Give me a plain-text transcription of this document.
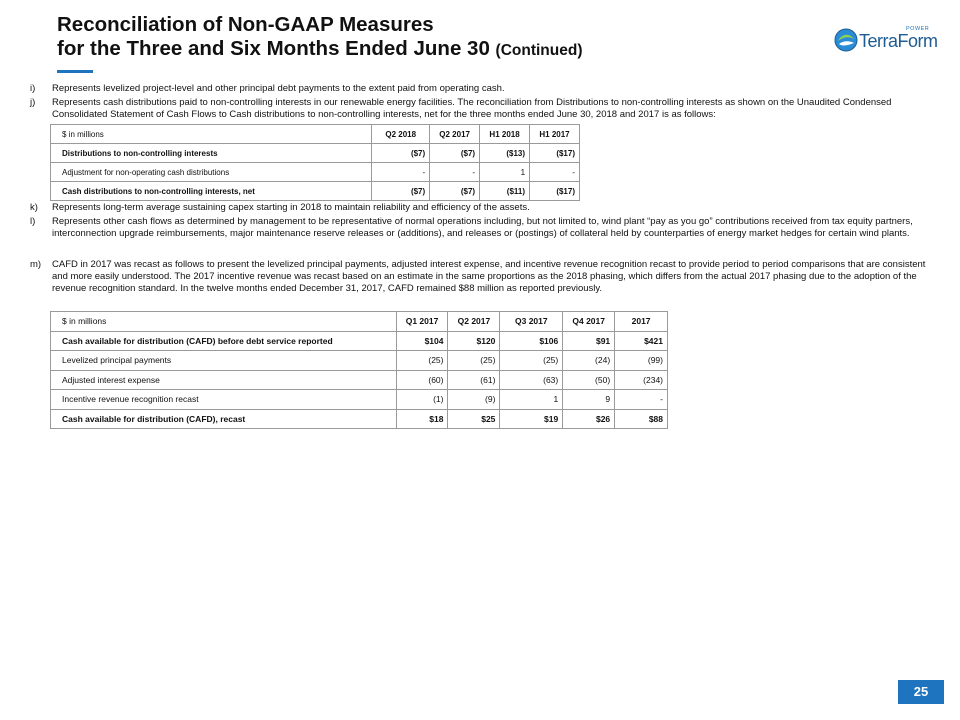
Reconciliation of Non-GAAP Measures
for the Three and Six Months Ended June 30 (Continued)
POWER
TerraForm
i) Represents levelized project-level and other principal debt payments to the extent paid from operating cash.
j) Represents cash distributions paid to non-controlling interests in our renewable energy facilities. The reconciliation from Distributions to non-controlling interests as shown on the Unaudited Condensed Consolidated Statement of Cash Flows to Cash distributions to non-controlling interests, net for the three months ended June 30, 2018 and 2017 is as follows:
$ in millions	Q2 2018	Q2 2017	H1 2018	H1 2017
Distributions to non-controlling interests	($7)	($7)	($13)	($17)
Adjustment for non-operating cash distributions	-	-	1	-
Cash distributions to non-controlling interests, net	($7)	($7)	($11)	($17)
k) Represents long-term average sustaining capex starting in 2018 to maintain reliability and efficiency of the assets.
l) Represents other cash flows as determined by management to be representative of normal operations including, but not limited to, wind plant “pay as you go” contributions received from tax equity partners, interconnection upgrade reimbursements, major maintenance reserve releases or (additions), and releases or (postings) of collateral held by counterparties of energy market hedges for certain wind plants.
m) CAFD in 2017 was recast as follows to present the levelized principal payments, adjusted interest expense, and incentive revenue recognition recast to provide period to period comparisons that are consistent and more easily understood. The 2017 incentive revenue was recast based on an estimate in the same proportions as the 2018 phasing, which differs from the actual 2017 phasing due to the adoption of the revenue recognition standard. In the twelve months ended December 31, 2017, CAFD remained $88 million as reported previously.
$ in millions	Q1 2017	Q2 2017	Q3 2017	Q4 2017	2017
Cash available for distribution (CAFD) before debt service reported	$104	$120	$106	$91	$421
Levelized principal payments	(25)	(25)	(25)	(24)	(99)
Adjusted interest expense	(60)	(61)	(63)	(50)	(234)
Incentive revenue recognition recast	(1)	(9)	1	9	-
Cash available for distribution (CAFD), recast	$18	$25	$19	$26	$88
25
